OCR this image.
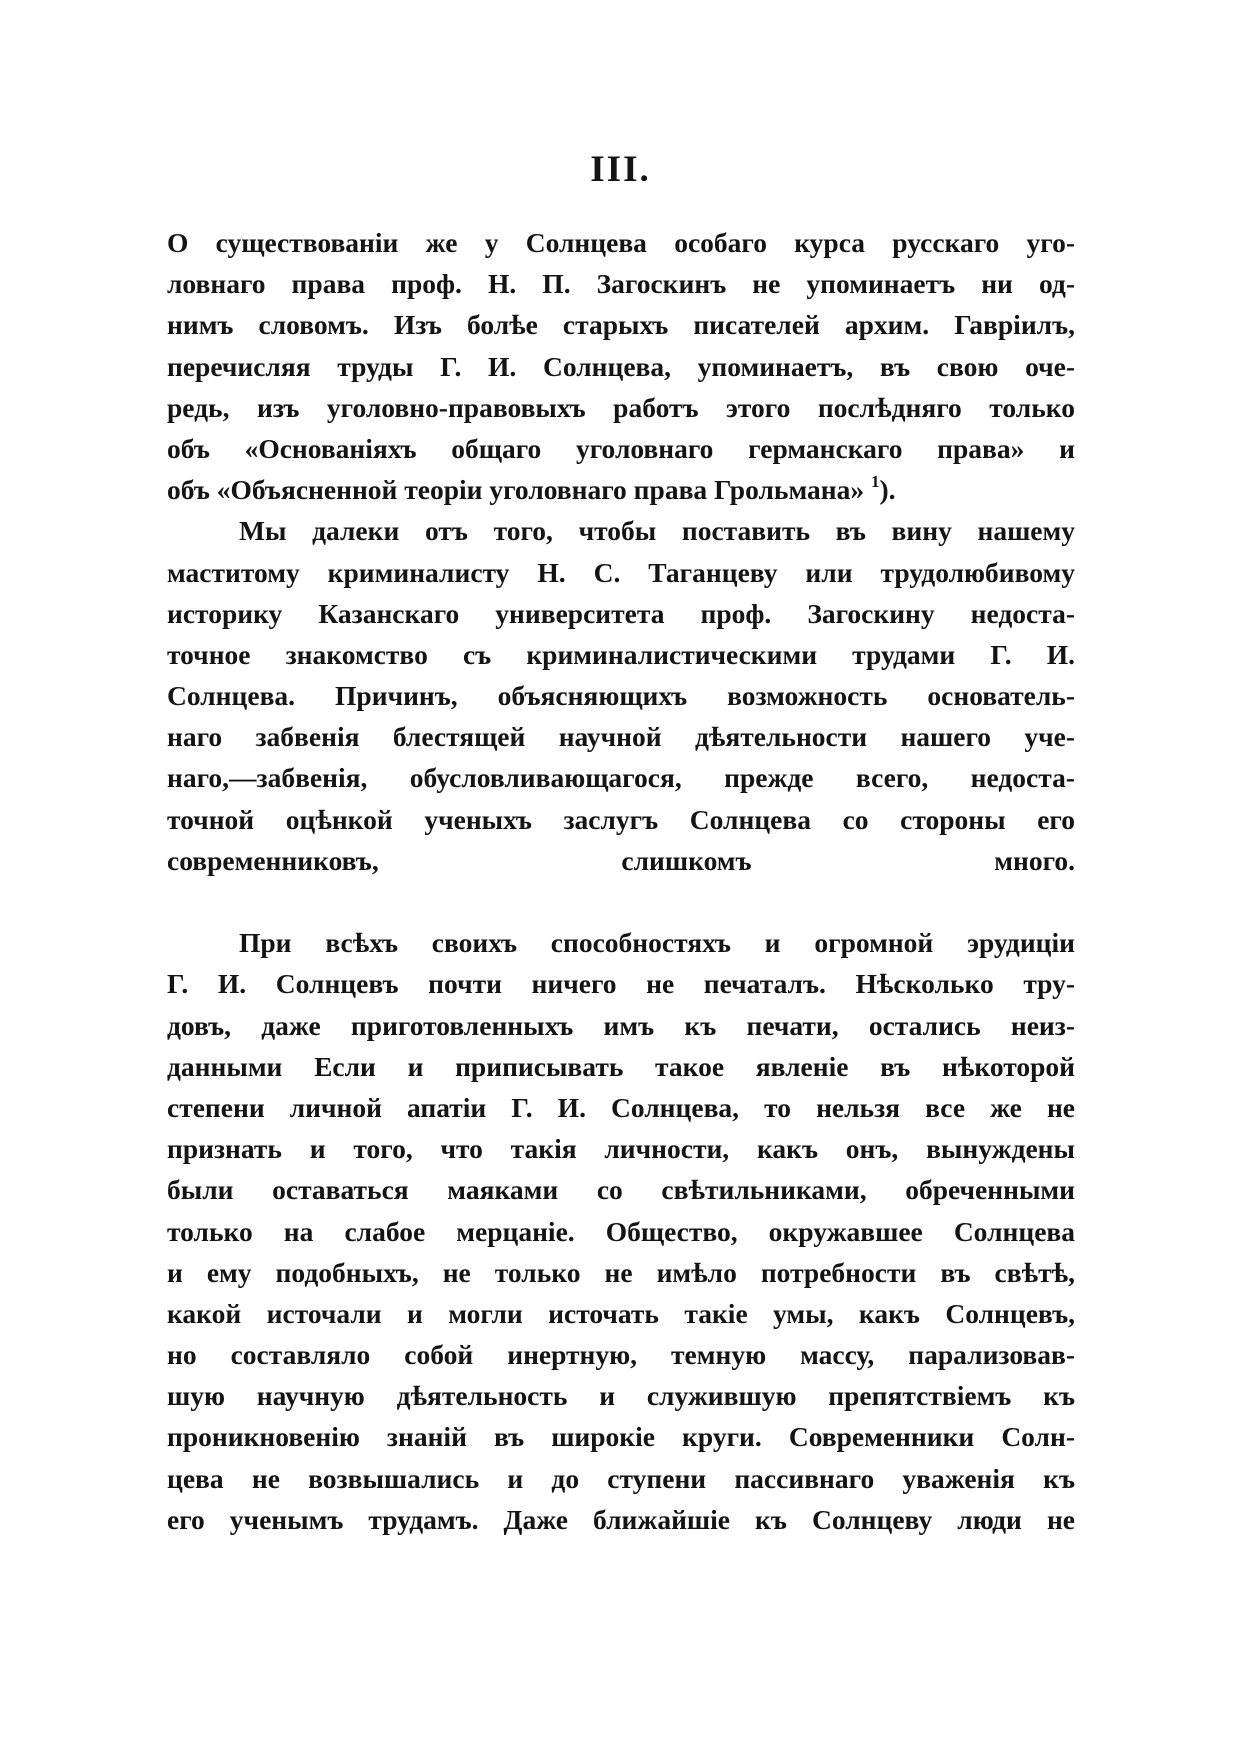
III.
О существованіи же у Солнцева особаго курса русскаго уго-
ловнаго права проф. Н. П. Загоскинъ не упоминаетъ ни од-
нимъ словомъ. Изъ болѣе старыхъ писателей архим. Гавріилъ,
перечисляя труды Г. И. Солнцева, упоминаетъ, въ свою оче-
редь, изъ уголовно-правовыхъ работъ этого послѣдняго только
объ «Основаніяхъ общаго уголовнаго германскаго права» и
объ «Объясненной теоріи уголовнаго права Грольмана» $^1$).
Мы далеки отъ того, чтобы поставить въ вину нашему
маститому криминалисту Н. С. Таганцеву или трудолюбивому
историку Казанскаго университета проф. Загоскину недоста-
точное знакомство съ криминалистическими трудами Г. И.
Солнцева. Причинъ, объясняющихъ возможность основатель-
наго забвенія блестящей научной дѣятельности нашего уче-
наго,—забвенія, обусловливающагося, прежде всего, недоста-
точной оцѣнкой ученыхъ заслугъ Солнцева со стороны его
современниковъ, слишкомъ много.
При всѣхъ своихъ способностяхъ и огромной эрудиціи
Г. И. Солнцевъ почти ничего не печаталъ. Нѣсколько тру-
довъ, даже приготовленныхъ имъ къ печати, остались неиз-
данными Если и приписывать такое явленіе въ нѣкоторой
степени личной апатіи Г. И. Солнцева, то нельзя все же не
признать и того, что такія личности, какъ онъ, вынуждены
были оставаться маяками со свѣтильниками, обреченными
только на слабое мерцаніе. Общество, окружавшее Солнцева
и ему подобныхъ, не только не имѣло потребности въ свѣтѣ,
какой источали и могли источать такіе умы, какъ Солнцевъ,
но составляло собой инертную, темную массу, парализовав-
шую научную дѣятельность и служившую препятствіемъ къ
проникновенію знаній въ широкіе круги. Современники Солн-
цева не возвышались и до ступени пассивнаго уваженія къ
его ученымъ трудамъ. Даже ближайшіе къ Солнцеву люди не
